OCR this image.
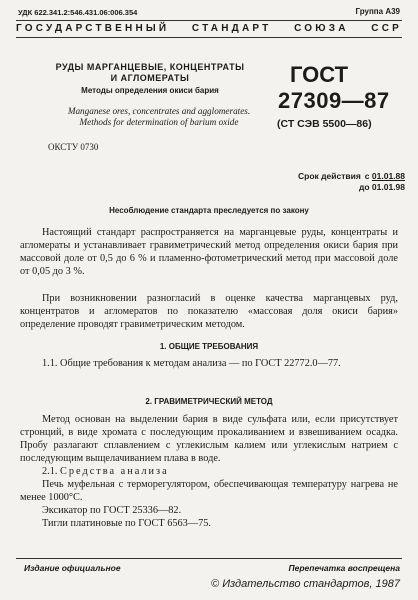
УДК 622.341.2:546.431.06:006.354	Группа А39
ГОСУДАРСТВЕННЫЙ СТАНДАРТ СОЮЗА ССР
РУДЫ МАРГАНЦЕВЫЕ, КОНЦЕНТРАТЫ
И АГЛОМЕРАТЫ
Методы определения окиси бария
Manganese ores, concentrates and agglomerates.
Methods for determination of barium oxide
ГОСТ
27309—87
(СТ СЭВ 5500—86)
ОКСТУ 0730
Срок действия с
01.01.88
до
01.01.98
Несоблюдение стандарта преследуется по закону

Настоящий стандарт распространяется на марганцевые руды, концентраты и агломераты и устанавливает гравиметрический метод определения окиси бария при массовой доле от 0,5 до 6 % и пламенно-фотометрический метод при массовой доле от 0,05 до 3 %.

При возникновении разногласий в оценке качества марганцевых руд, концентратов и агломератов по показателю «массовая доля окиси бария» определение проводят гравиметрическим методом.

1. ОБЩИЕ ТРЕБОВАНИЯ

1.1. Общие требования к методам анализа — по ГОСТ 22772.0—77.

2. ГРАВИМЕТРИЧЕСКИЙ МЕТОД

Метод основан на выделении бария в виде сульфата или, если присутствует стронций, в виде хромата с последующим прокаливанием и взвешиванием осадка. Пробу разлагают сплавлением с углекислым калием или углекислым натрием с последующим выщелачиванием плава в воде.

2.1. Средства анализа

Печь муфельная с терморегулятором, обеспечивающая температуру нагрева не менее 1000°С.

Эксикатор по ГОСТ 25336—82.

Тигли платиновые по ГОСТ 6563—75.

Издание официальное	Перепечатка воспрещена
© Издательство стандартов, 1987
